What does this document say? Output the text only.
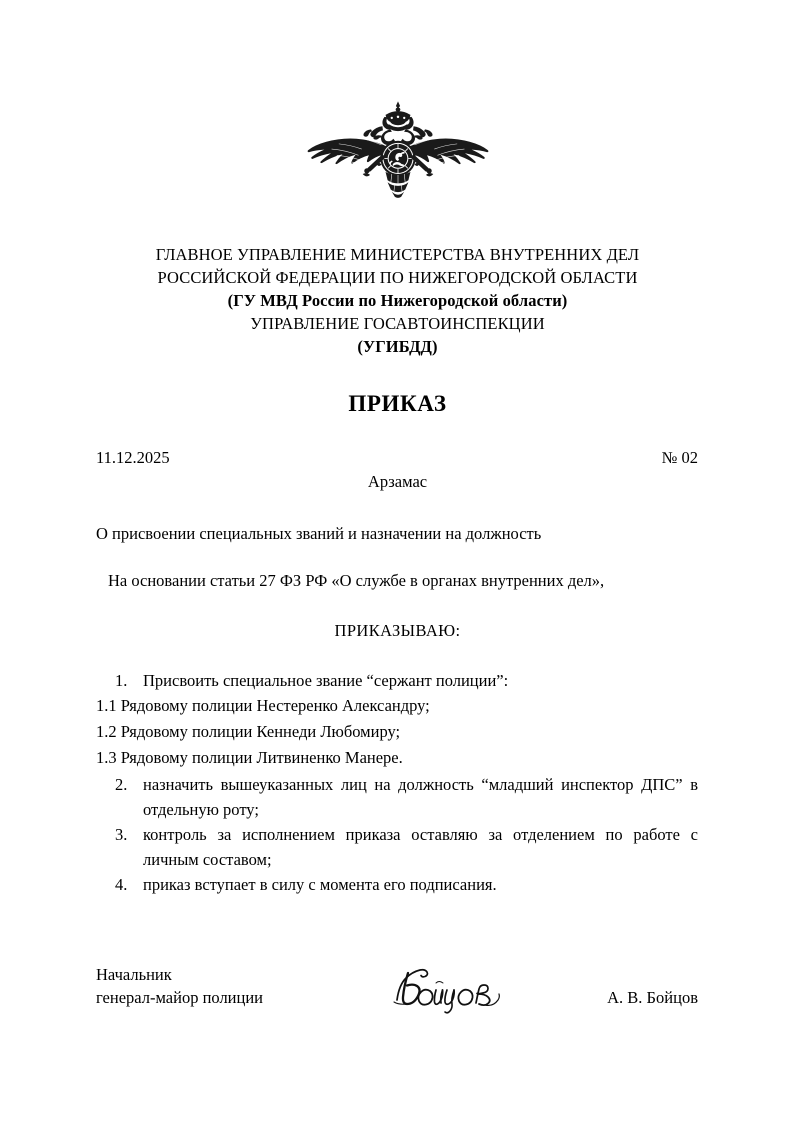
ГЛАВНОЕ УПРАВЛЕНИЕ МИНИСТЕРСТВА ВНУТРЕННИХ ДЕЛ
РОССИЙСКОЙ ФЕДЕРАЦИИ ПО НИЖЕГОРОДСКОЙ ОБЛАСТИ
(ГУ МВД России по Нижегородской области)
УПРАВЛЕНИЕ ГОСАВТОИНСПЕКЦИИ
(УГИБДД)
ПРИКАЗ
11.12.2025	№ 02
Арзамас
О присвоении специальных званий и назначении на должность
На основании статьи 27 ФЗ РФ «О службе в органах внутренних дел»,
ПРИКАЗЫВАЮ:
1. Присвоить специальное звание “сержант полиции”:
1.1 Рядовому полиции Нестеренко Александру;
1.2 Рядовому полиции Кеннеди Любомиру;
1.3 Рядовому полиции Литвиненко Манере.
2. назначить вышеуказанных лиц на должность “младший инспектор ДПС” в отдельную роту;
3. контроль за исполнением приказа оставляю за отделением по работе с личным составом;
4. приказ вступает в силу с момента его подписания.
Начальник
генерал-майор полиции	А. В. Бойцов
